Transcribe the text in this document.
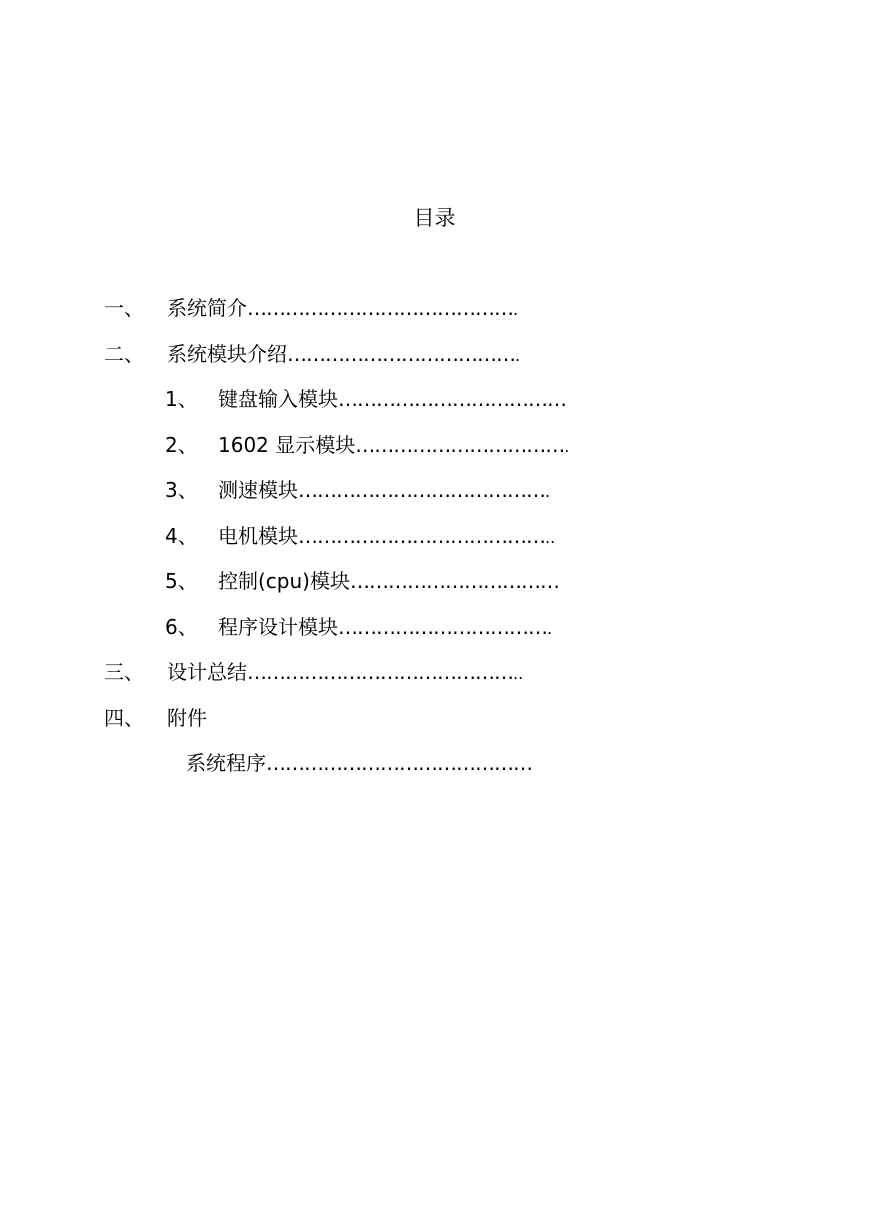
目录
一、 系统简介…………………………………….
二、 系统模块介绍……………………………….
1、 键盘输入模块………………………………
2、 1602 显示模块…………………………….
3、 测速模块………………………………….
4、 电机模块…………………………………..
5、 控制(cpu)模块……………………………
6、 程序设计模块…………………………….
三、 设计总结……………………………………..
四、 附件
系统程序……………………………………
